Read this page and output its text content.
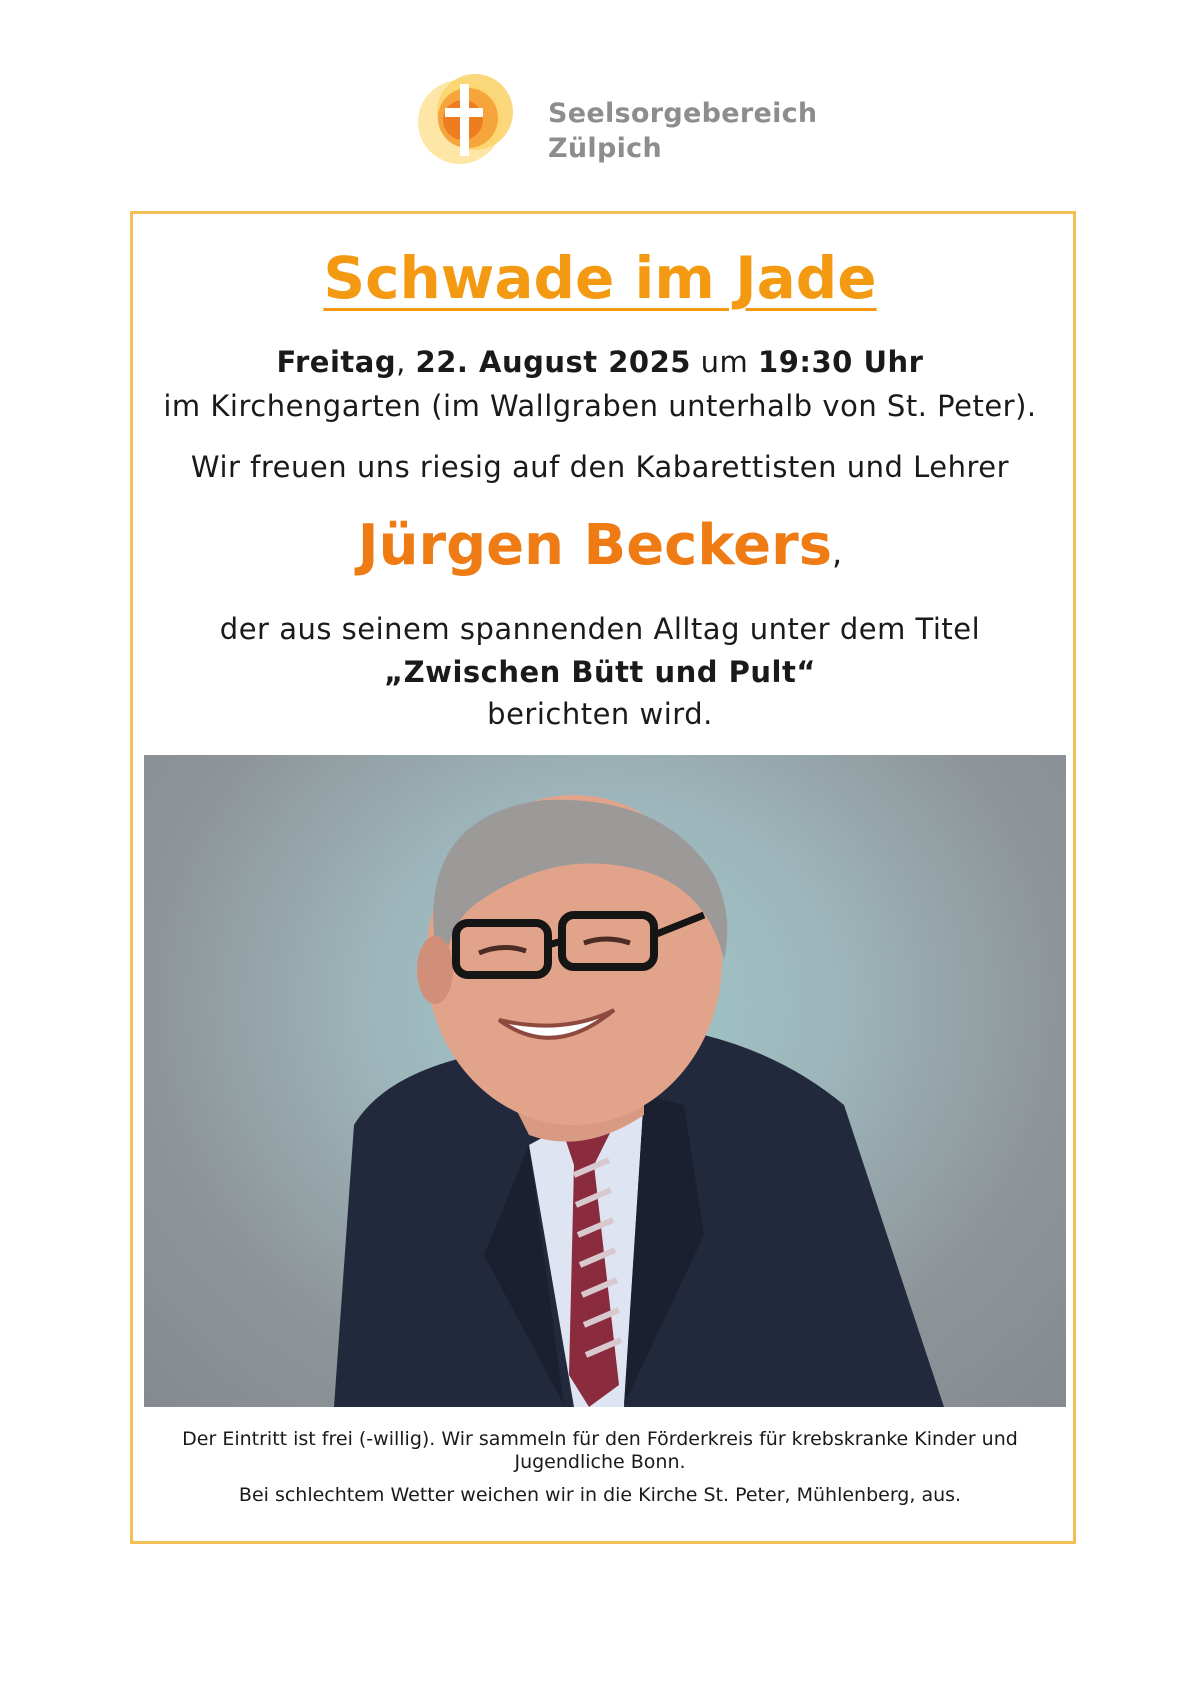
Seelsorgebereich
Zülpich
Schwade im Jade
Freitag, 22. August 2025 um 19:30 Uhr
im Kirchengarten (im Wallgraben unterhalb von St. Peter).
Wir freuen uns riesig auf den Kabarettisten und Lehrer
Jürgen Beckers,
der aus seinem spannenden Alltag unter dem Titel
„Zwischen Bütt und Pult“
berichten wird.
Der Eintritt ist frei (-willig). Wir sammeln für den Förderkreis für krebskranke Kinder und Jugendliche Bonn.
Bei schlechtem Wetter weichen wir in die Kirche St. Peter, Mühlenberg, aus.
